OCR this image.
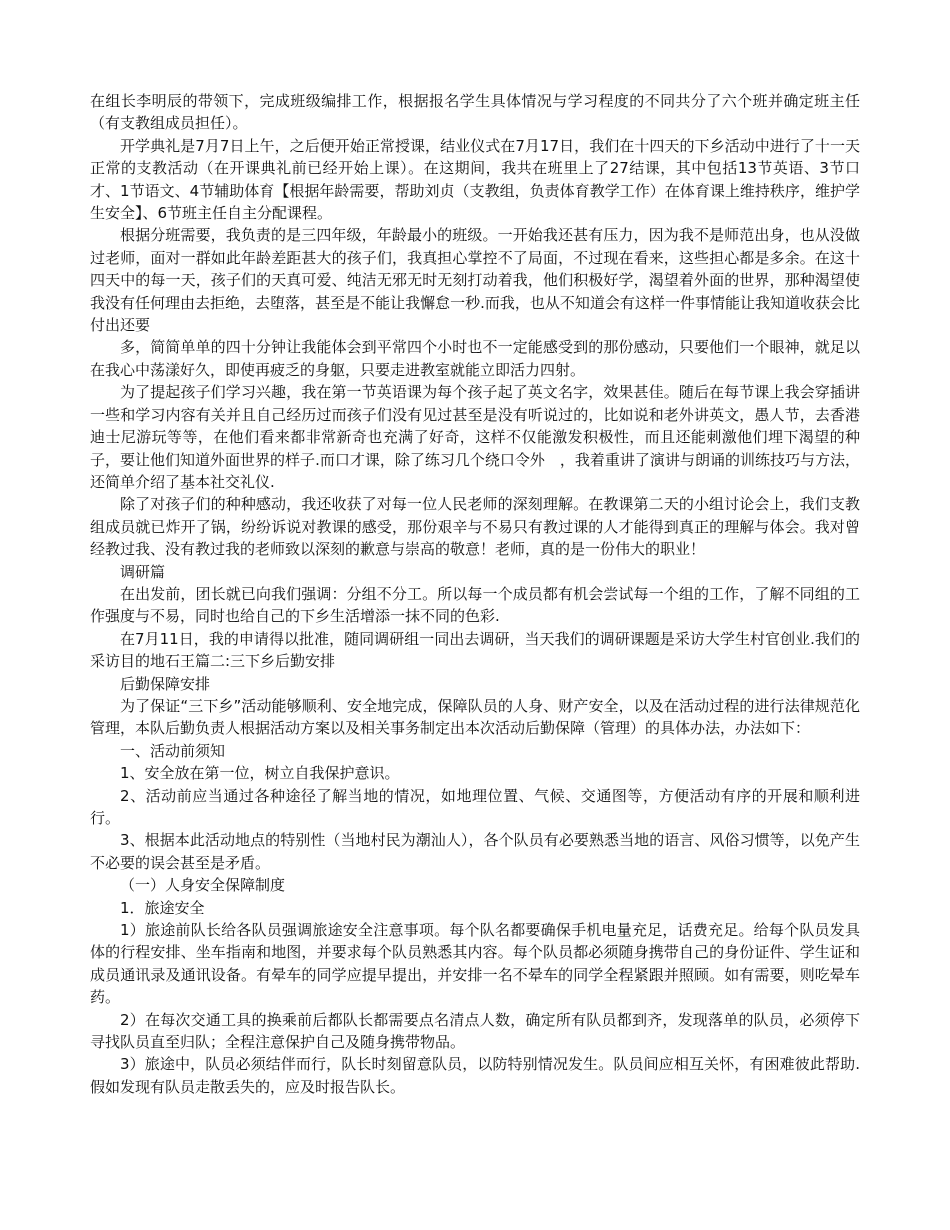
在组长李明辰的带领下，完成班级编排工作，根据报名学生具体情况与学习程度的不同共分了六个班并确定班主任（有支教组成员担任）。

开学典礼是7月7日上午，之后便开始正常授课，结业仪式在7月17日，我们在十四天的下乡活动中进行了十一天正常的支教活动（在开课典礼前已经开始上课）。在这期间，我共在班里上了27结课，其中包括13节英语、3节口才、1节语文、4节辅助体育【根据年龄需要，帮助刘贞（支教组，负责体育教学工作）在体育课上维持秩序，维护学生安全】、6节班主任自主分配课程。

根据分班需要，我负责的是三四年级，年龄最小的班级。一开始我还甚有压力，因为我不是师范出身，也从没做过老师，面对一群如此年龄差距甚大的孩子们，我真担心掌控不了局面，不过现在看来，这些担心都是多余。在这十四天中的每一天，孩子们的天真可爱、纯洁无邪无时无刻打动着我，他们积极好学，渴望着外面的世界，那种渴望使我没有任何理由去拒绝，去堕落，甚至是不能让我懈怠一秒.而我，也从不知道会有这样一件事情能让我知道收获会比付出还要

多，简简单单的四十分钟让我能体会到平常四个小时也不一定能感受到的那份感动，只要他们一个眼神，就足以在我心中荡漾好久，即使再疲乏的身躯，只要走进教室就能立即活力四射。

为了提起孩子们学习兴趣，我在第一节英语课为每个孩子起了英文名字，效果甚佳。随后在每节课上我会穿插讲一些和学习内容有关并且自己经历过而孩子们没有见过甚至是没有听说过的，比如说和老外讲英文，愚人节，去香港迪士尼游玩等等，在他们看来都非常新奇也充满了好奇，这样不仅能激发积极性，而且还能刺激他们埋下渴望的种子，要让他们知道外面世界的样子.而口才课，除了练习几个绕口令外　，我着重讲了演讲与朗诵的训练技巧与方法，还简单介绍了基本社交礼仪.

除了对孩子们的种种感动，我还收获了对每一位人民老师的深刻理解。在教课第二天的小组讨论会上，我们支教组成员就已炸开了锅，纷纷诉说对教课的感受，那份艰辛与不易只有教过课的人才能得到真正的理解与体会。我对曾经教过我、没有教过我的老师致以深刻的歉意与崇高的敬意！老师，真的是一份伟大的职业！

调研篇

在出发前，团长就已向我们强调：分组不分工。所以每一个成员都有机会尝试每一个组的工作，了解不同组的工作强度与不易，同时也给自己的下乡生活增添一抹不同的色彩.

在7月11日，我的申请得以批准，随同调研组一同出去调研，当天我们的调研课题是采访大学生村官创业.我们的采访目的地石王篇二:三下乡后勤安排

后勤保障安排

为了保证“三下乡”活动能够顺利、安全地完成，保障队员的人身、财产安全，以及在活动过程的进行法律规范化管理，本队后勤负责人根据活动方案以及相关事务制定出本次活动后勤保障（管理）的具体办法，办法如下：

一、活动前须知

1、安全放在第一位，树立自我保护意识。

2、活动前应当通过各种途径了解当地的情况，如地理位置、气候、交通图等，方便活动有序的开展和顺利进行。

3、根据本此活动地点的特别性（当地村民为潮汕人），各个队员有必要熟悉当地的语言、风俗习惯等，以免产生不必要的误会甚至是矛盾。

（一）人身安全保障制度

1．旅途安全

1）旅途前队长给各队员强调旅途安全注意事项。每个队名都要确保手机电量充足，话费充足。给每个队员发具体的行程安排、坐车指南和地图，并要求每个队员熟悉其内容。每个队员都必须随身携带自己的身份证件、学生证和成员通讯录及通讯设备。有晕车的同学应提早提出，并安排一名不晕车的同学全程紧跟并照顾。如有需要，则吃晕车药。

2）在每次交通工具的换乘前后都队长都需要点名清点人数，确定所有队员都到齐，发现落单的队员，必须停下寻找队员直至归队；全程注意保护自己及随身携带物品。

3）旅途中，队员必须结伴而行，队长时刻留意队员，以防特别情况发生。队员间应相互关怀，有困难彼此帮助.假如发现有队员走散丢失的，应及时报告队长。
